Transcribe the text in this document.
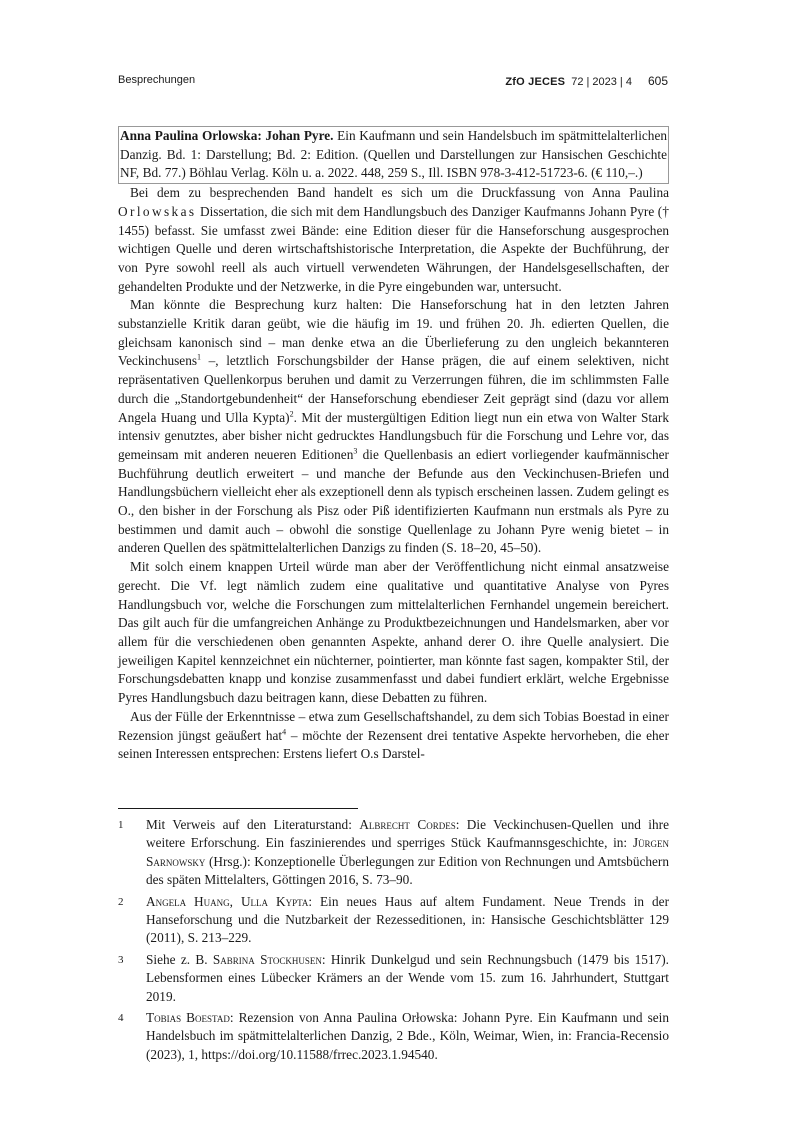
Besprechungen	ZfO JECES 72 | 2023 | 4 605
Anna Paulina Orlowska: Johan Pyre. Ein Kaufmann und sein Handelsbuch im spätmittelalterlichen Danzig. Bd. 1: Darstellung; Bd. 2: Edition. (Quellen und Darstellungen zur Hansischen Geschichte NF, Bd. 77.) Böhlau Verlag. Köln u. a. 2022. 448, 259 S., Ill. ISBN 978-3-412-51723-6. (€ 110,–.)

Bei dem zu besprechenden Band handelt es sich um die Druckfassung von Anna Paulina Orlowskas Dissertation, die sich mit dem Handlungsbuch des Danziger Kaufmanns Johann Pyre († 1455) befasst. Sie umfasst zwei Bände: eine Edition dieser für die Hanseforschung ausgesprochen wichtigen Quelle und deren wirtschaftshistorische Interpretation, die Aspekte der Buchführung, der von Pyre sowohl reell als auch virtuell verwendeten Währungen, der Handelsgesellschaften, der gehandelten Produkte und der Netzwerke, in die Pyre eingebunden war, untersucht.

Man könnte die Besprechung kurz halten: Die Hanseforschung hat in den letzten Jahren substanzielle Kritik daran geübt, wie die häufig im 19. und frühen 20. Jh. edierten Quellen, die gleichsam kanonisch sind – man denke etwa an die Überlieferung zu den ungleich bekannteren Veckinchusens$^1$ –, letztlich Forschungsbilder der Hanse prägen, die auf einem selektiven, nicht repräsentativen Quellenkorpus beruhen und damit zu Verzerrungen führen, die im schlimmsten Falle durch die „Standortgebundenheit“ der Hanseforschung ebendieser Zeit geprägt sind (dazu vor allem Angela Huang und Ulla Kypta)$^2$. Mit der mustergültigen Edition liegt nun ein etwa von Walter Stark intensiv genutztes, aber bisher nicht gedrucktes Handlungsbuch für die Forschung und Lehre vor, das gemeinsam mit anderen neueren Editionen$^3$ die Quellenbasis an ediert vorliegender kaufmännischer Buchführung deutlich erweitert – und manche der Befunde aus den Veckinchusen-Briefen und Handlungsbüchern vielleicht eher als exzeptionell denn als typisch erscheinen lassen. Zudem gelingt es O., den bisher in der Forschung als Pisz oder Piß identifizierten Kaufmann nun erstmals als Pyre zu bestimmen und damit auch – obwohl die sonstige Quellenlage zu Johann Pyre wenig bietet – in anderen Quellen des spätmittelalterlichen Danzigs zu finden (S. 18–20, 45–50).

Mit solch einem knappen Urteil würde man aber der Veröffentlichung nicht einmal ansatzweise gerecht. Die Vf. legt nämlich zudem eine qualitative und quantitative Analyse von Pyres Handlungsbuch vor, welche die Forschungen zum mittelalterlichen Fernhandel ungemein bereichert. Das gilt auch für die umfangreichen Anhänge zu Produktbezeichnungen und Handelsmarken, aber vor allem für die verschiedenen oben genannten Aspekte, anhand derer O. ihre Quelle analysiert. Die jeweiligen Kapitel kennzeichnet ein nüchterner, pointierter, man könnte fast sagen, kompakter Stil, der Forschungsdebatten knapp und konzise zusammenfasst und dabei fundiert erklärt, welche Ergebnisse Pyres Handlungsbuch dazu beitragen kann, diese Debatten zu führen.

Aus der Fülle der Erkenntnisse – etwa zum Gesellschaftshandel, zu dem sich Tobias Boestad in einer Rezension jüngst geäußert hat$^4$ – möchte der Rezensent drei tentative Aspekte hervorheben, die eher seinen Interessen entsprechen: Erstens liefert O.s Darstel-

1 Mit Verweis auf den Literaturstand: Albrecht Cordes: Die Veckinchusen-Quellen und ihre weitere Erforschung. Ein faszinierendes und sperriges Stück Kaufmannsgeschichte, in: Jürgen Sarnowsky (Hrsg.): Konzeptionelle Überlegungen zur Edition von Rechnungen und Amtsbüchern des späten Mittelalters, Göttingen 2016, S. 73–90.
2 Angela Huang, Ulla Kypta: Ein neues Haus auf altem Fundament. Neue Trends in der Hanseforschung und die Nutzbarkeit der Rezesseditionen, in: Hansische Geschichtsblätter 129 (2011), S. 213–229.
3 Siehe z. B. Sabrina Stockhusen: Hinrik Dunkelgud und sein Rechnungsbuch (1479 bis 1517). Lebensformen eines Lübecker Krämers an der Wende vom 15. zum 16. Jahrhundert, Stuttgart 2019.
4 Tobias Boestad: Rezension von Anna Paulina Orłowska: Johann Pyre. Ein Kaufmann und sein Handelsbuch im spätmittelalterlichen Danzig, 2 Bde., Köln, Weimar, Wien, in: Francia-Recensio (2023), 1, https://doi.org/10.11588/frrec.2023.1.94540.
